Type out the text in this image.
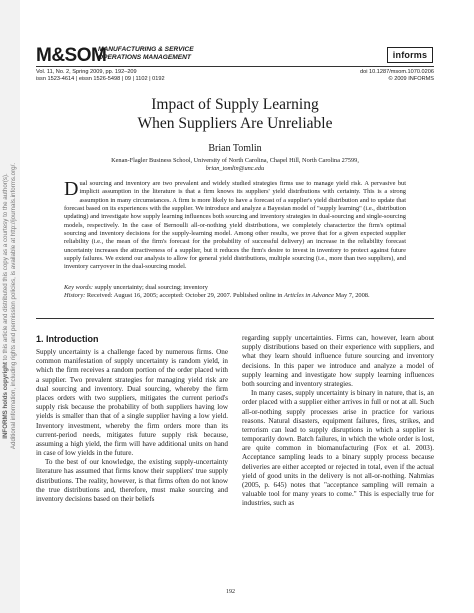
INFORMS holds copyright to this article and distributed this copy as a courtesy to the author(s). Additional information, including rights and permission policies, is available at http://journals.informs.org/.
M&SOM
MANUFACTURING & SERVICE
OPERATIONS MANAGEMENT	informs
Vol. 11, No. 2, Spring 2009, pp. 192–209
issn 1523-4614 | eissn 1526-5498 | 09 | 1102 | 0192
doi 10.1287/msom.1070.0206
© 2009 INFORMS
Impact of Supply Learning
When Suppliers Are Unreliable
Brian Tomlin
Kenan-Flagler Business School, University of North Carolina, Chapel Hill, North Carolina 27599,
brian_tomlin@unc.edu
Dual sourcing and inventory are two prevalent and widely studied strategies firms use to manage yield risk. A pervasive but implicit assumption in the literature is that a firm knows its suppliers' yield distributions with certainty. This is a strong assumption in many circumstances. A firm is more likely to have a forecast of a supplier's yield distribution and to update that forecast based on its experiences with the supplier. We introduce and analyze a Bayesian model of "supply learning" (i.e., distribution updating) and investigate how supply learning influences both sourcing and inventory strategies in dual-sourcing and single-sourcing models, respectively. In the case of Bernoulli all-or-nothing yield distributions, we completely characterize the firm's optimal sourcing and inventory decisions for the supply-learning model. Among other results, we prove that for a given expected supplier reliability (i.e., the mean of the firm's forecast for the probability of successful delivery) an increase in the reliability forecast uncertainty increases the attractiveness of a supplier, but it reduces the firm's desire to invest in inventory to protect against future supply failures. We extend our analysis to allow for general yield distributions, multiple sourcing (i.e., more than two suppliers), and inventory carryover in the dual-sourcing model.
Key words: supply uncertainty; dual sourcing; inventory
History: Received: August 16, 2005; accepted: October 29, 2007. Published online in Articles in Advance May 7, 2008.
1. Introduction

Supply uncertainty is a challenge faced by numerous firms. One common manifestation of supply uncertainty is random yield, in which the firm receives a random portion of the order placed with a supplier. Two prevalent strategies for managing yield risk are dual sourcing and inventory. Dual sourcing, whereby the firm places orders with two suppliers, mitigates the current period's supply risk because the probability of both suppliers having low yields is smaller than that of a single supplier having a low yield. Inventory investment, whereby the firm orders more than its current-period needs, mitigates future supply risk because, assuming a high yield, the firm will have additional units on hand in case of low yields in the future.

To the best of our knowledge, the existing supply-uncertainty literature has assumed that firms know their suppliers' true supply distributions. The reality, however, is that firms often do not know the true distributions and, therefore, must make sourcing and inventory decisions based on their beliefs

regarding supply uncertainties. Firms can, however, learn about supply distributions based on their experience with suppliers, and what they learn should influence future sourcing and inventory decisions. In this paper we introduce and analyze a model of supply learning and investigate how supply learning influences both sourcing and inventory strategies.

In many cases, supply uncertainty is binary in nature, that is, an order placed with a supplier either arrives in full or not at all. Such all-or-nothing supply processes arise in practice for various reasons. Natural disasters, equipment failures, fires, strikes, and terrorism can lead to supply disruptions in which a supplier is temporarily down. Batch failures, in which the whole order is lost, are quite common in biomanufacturing (Fox et al. 2003). Acceptance sampling leads to a binary supply process because deliveries are either accepted or rejected in total, even if the actual yield of good units in the delivery is not all-or-nothing. Nahmias (2005, p. 645) notes that "acceptance sampling will remain a valuable tool for many years to come." This is especially true for industries, such as

192
